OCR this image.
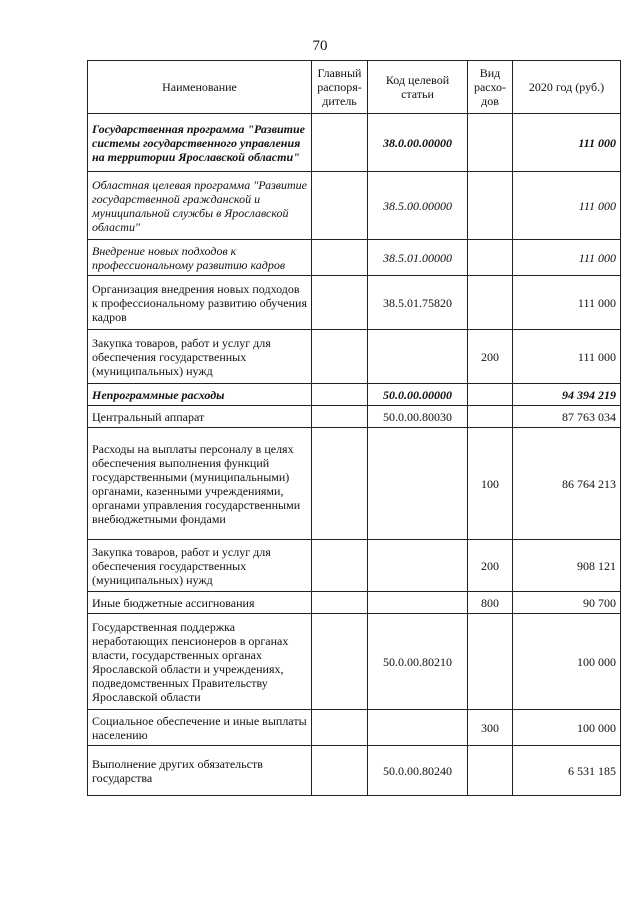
70
Наименование	Главный распоря-дитель	Код целевой статьи	Вид расхо-дов	2020 год (руб.)
Государственная программа "Развитие системы государственного управления на территории Ярославской области"		38.0.00.00000		111 000
Областная целевая программа "Развитие государственной гражданской и муниципальной службы в Ярославской области"		38.5.00.00000		111 000
Внедрение новых подходов к профессиональному развитию кадров		38.5.01.00000		111 000
Организация внедрения новых подходов к профессиональному развитию обучения кадров		38.5.01.75820		111 000
Закупка товаров, работ и услуг для обеспечения государственных (муниципальных) нужд			200	111 000
Непрограммные расходы		50.0.00.00000		94 394 219
Центральный аппарат		50.0.00.80030		87 763 034
Расходы на выплаты персоналу в целях обеспечения выполнения функций государственными (муниципальными) органами, казенными учреждениями, органами управления государственными внебюджетными фондами			100	86 764 213
Закупка товаров, работ и услуг для обеспечения государственных (муниципальных) нужд			200	908 121
Иные бюджетные ассигнования			800	90 700
Государственная поддержка неработающих пенсионеров в органах власти, государственных органах Ярославской области и учреждениях, подведомственных Правительству Ярославской области		50.0.00.80210		100 000
Социальное обеспечение и иные выплаты населению			300	100 000
Выполнение других обязательств государства		50.0.00.80240		6 531 185
